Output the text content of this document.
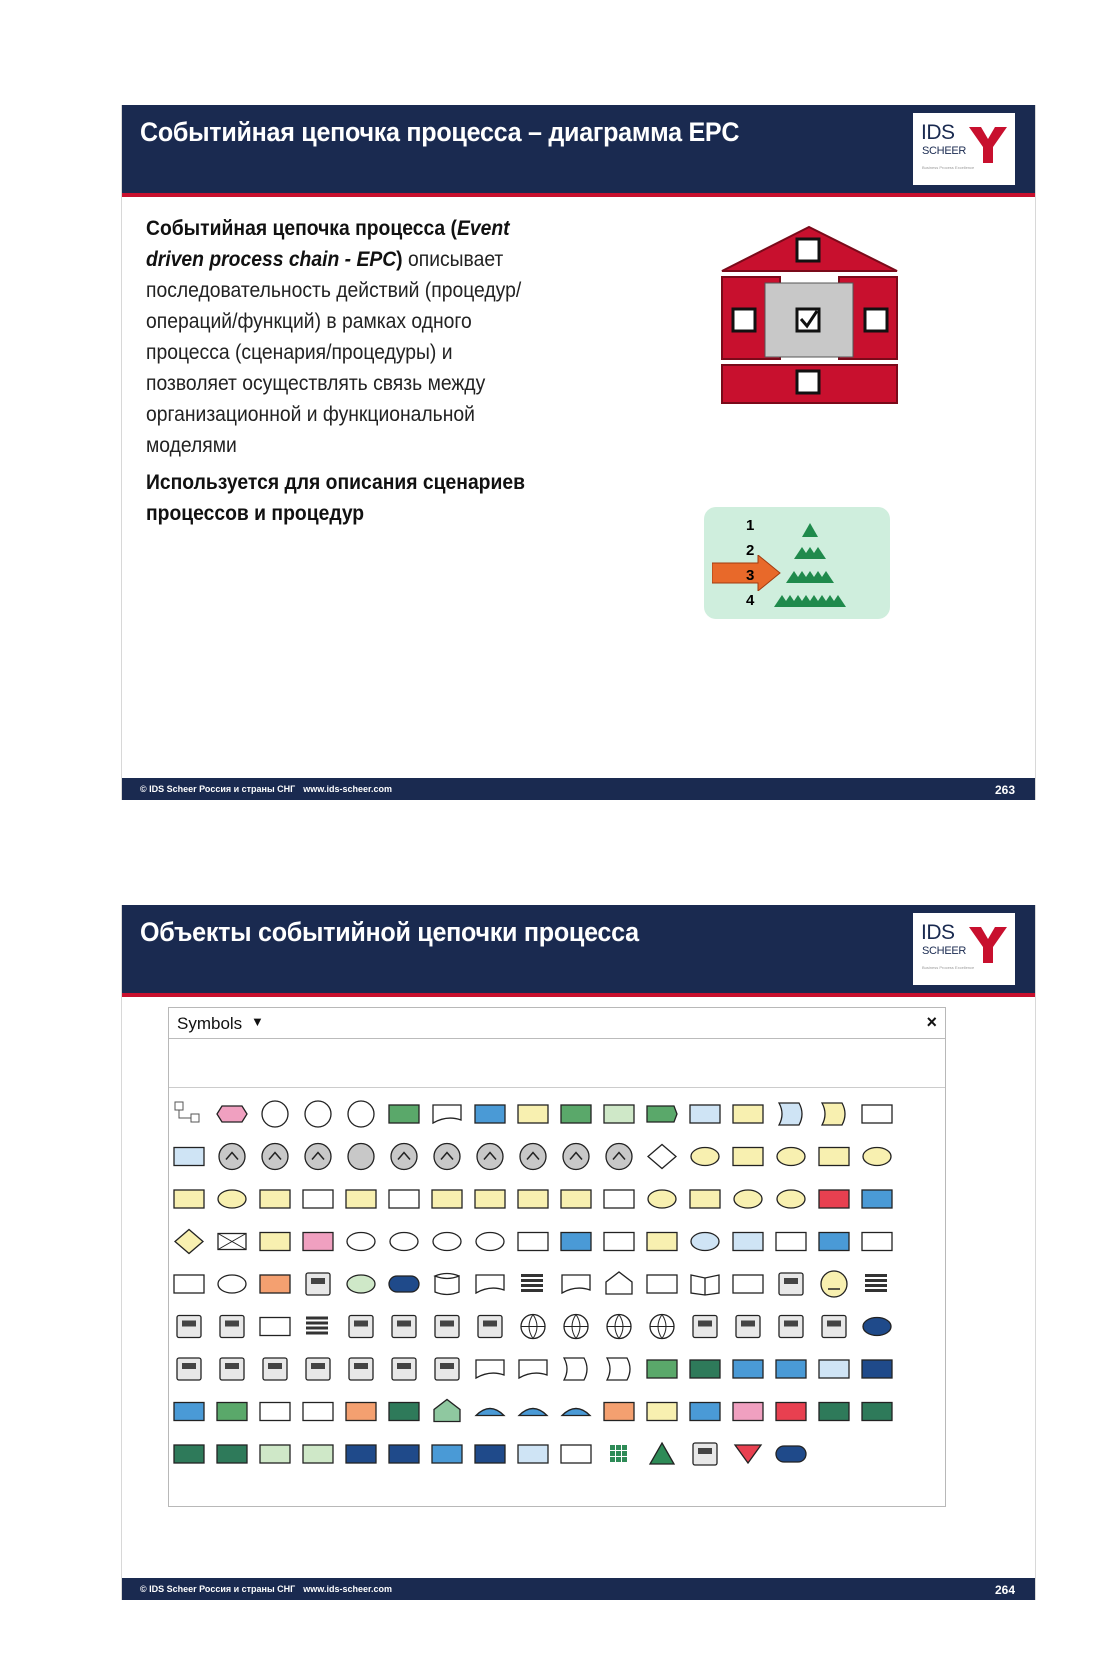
Событийная цепочка процесса – диаграмма EPC	IDS
SCHEER
Business Process Excellence

Событийная цепочка процесса (Event driven process chain - EPC) описывает последовательность действий (процедур/операций/функций) в рамках одного процесса (сценария/процедуры) и позволяет осуществлять связь между организационной и функциональной моделями

Используется для описания сценариев процессов и процедур

1
2
3
4
© IDS Scheer Россия и страны СНГ www.ids-scheer.com	263
Объекты событийной цепочки процесса	IDS
SCHEER
Business Process Excellence
Symbols ▼	×
© IDS Scheer Россия и страны СНГ www.ids-scheer.com	264
